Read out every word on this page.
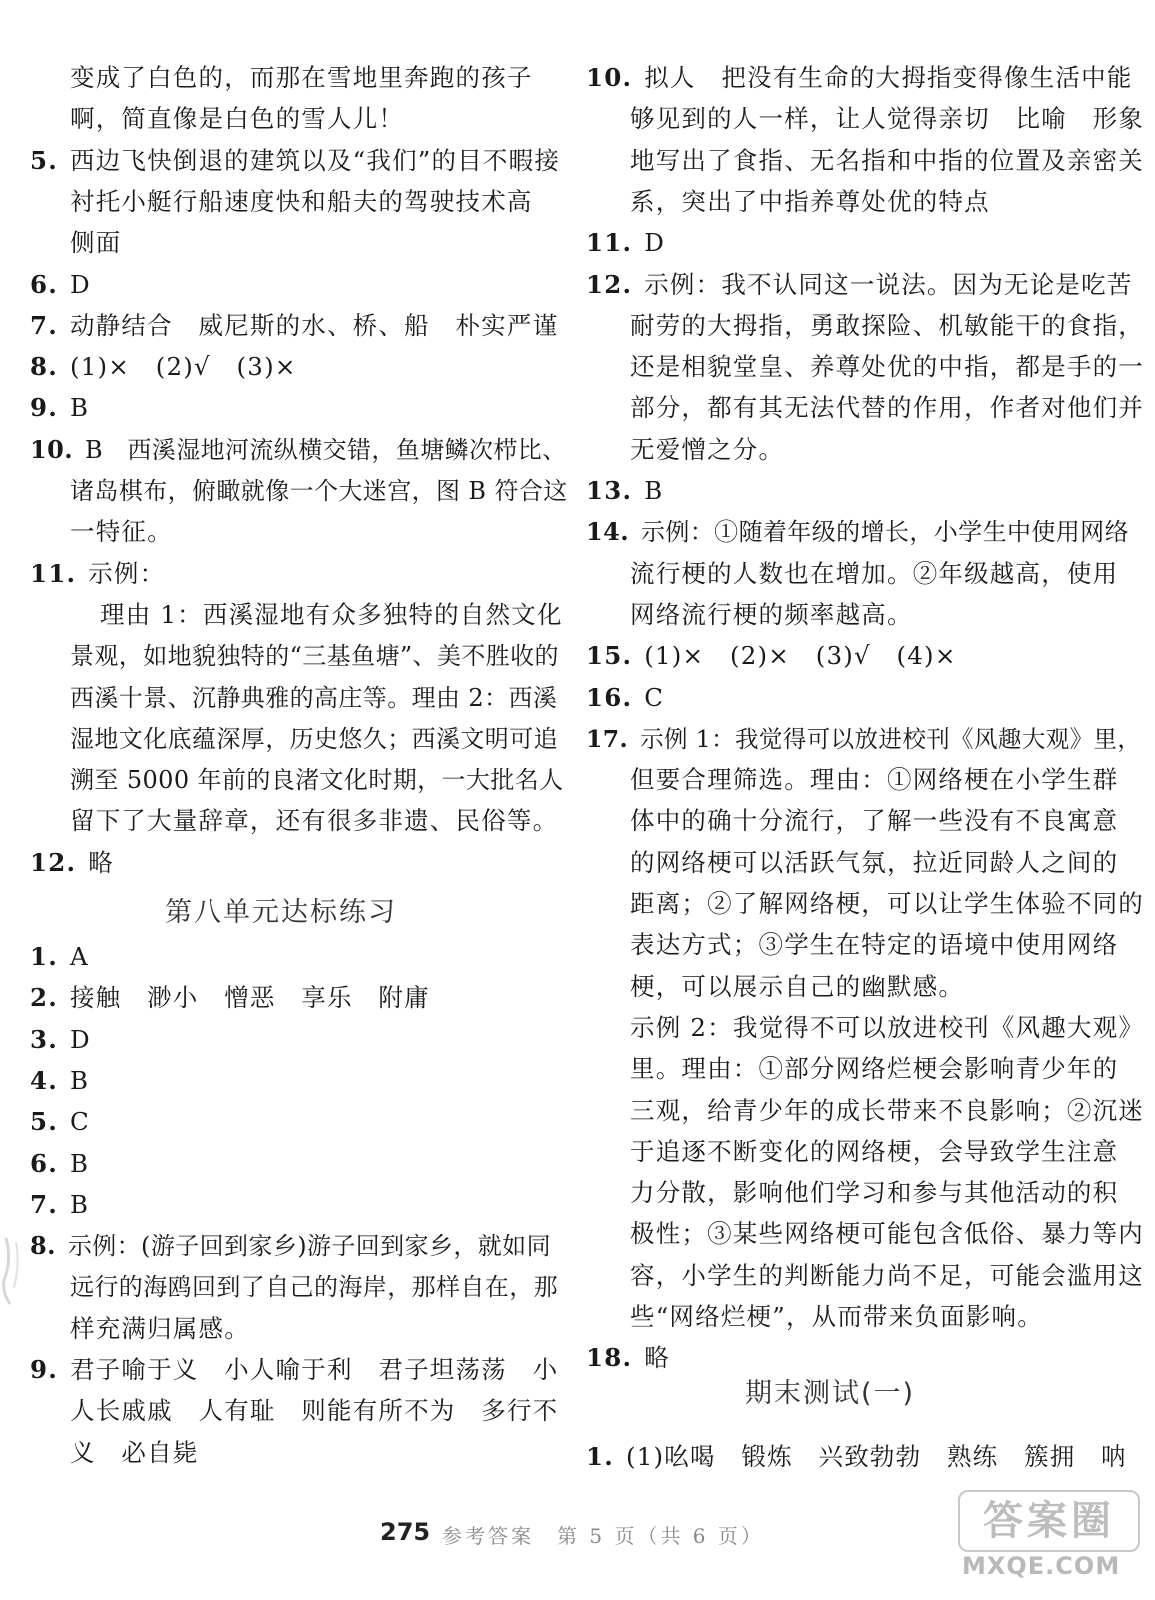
变成了白色的，而那在雪地里奔跑的孩子
啊，简直像是白色的雪人儿！
5. 西边飞快倒退的建筑以及“我们”的目不暇接
衬托小艇行船速度快和船夫的驾驶技术高
侧面
6. D
7. 动静结合　威尼斯的水、桥、船　朴实严谨
8. (1)×　(2)√　(3)×
9. B
10. B　西溪湿地河流纵横交错，鱼塘鳞次栉比、
诸岛棋布，俯瞰就像一个大迷宫，图 B 符合这
一特征。
11. 示例：
理由 1：西溪湿地有众多独特的自然文化
景观，如地貌独特的“三基鱼塘”、美不胜收的
西溪十景、沉静典雅的高庄等。理由 2：西溪
湿地文化底蕴深厚，历史悠久；西溪文明可追
溯至 5000 年前的良渚文化时期，一大批名人
留下了大量辞章，还有很多非遗、民俗等。
12. 略
1. A
2. 接触　渺小　憎恶　享乐　附庸
3. D
4. B
5. C
6. B
7. B
8. 示例：(游子回到家乡)游子回到家乡，就如同
远行的海鸥回到了自己的海岸，那样自在，那
样充满归属感。
9. 君子喻于义　小人喻于利　君子坦荡荡　小
人长戚戚　人有耻　则能有所不为　多行不
义　必自毙
10. 拟人　把没有生命的大拇指变得像生活中能
够见到的人一样，让人觉得亲切　比喻　形象
地写出了食指、无名指和中指的位置及亲密关
系，突出了中指养尊处优的特点
11. D
12. 示例：我不认同这一说法。因为无论是吃苦
耐劳的大拇指，勇敢探险、机敏能干的食指，
还是相貌堂皇、养尊处优的中指，都是手的一
部分，都有其无法代替的作用，作者对他们并
无爱憎之分。
13. B
14. 示例：①随着年级的增长，小学生中使用网络
流行梗的人数也在增加。②年级越高，使用
网络流行梗的频率越高。
15. (1)×　(2)×　(3)√　(4)×
16. C
17. 示例 1：我觉得可以放进校刊《风趣大观》里，
但要合理筛选。理由：①网络梗在小学生群
体中的确十分流行，了解一些没有不良寓意
的网络梗可以活跃气氛，拉近同龄人之间的
距离；②了解网络梗，可以让学生体验不同的
表达方式；③学生在特定的语境中使用网络
梗，可以展示自己的幽默感。
示例 2：我觉得不可以放进校刊《风趣大观》
里。理由：①部分网络烂梗会影响青少年的
三观，给青少年的成长带来不良影响；②沉迷
于追逐不断变化的网络梗，会导致学生注意
力分散，影响他们学习和参与其他活动的积
极性；③某些网络梗可能包含低俗、暴力等内
容，小学生的判断能力尚不足，可能会滥用这
些“网络烂梗”，从而带来负面影响。
18. 略
1. (1)吆喝　锻炼　兴致勃勃　熟练　簇拥　呐
第八单元达标练习
期末测试(一)
275 参考答案　第 5 页（共 6 页）	答案圈
MXQE.COM
